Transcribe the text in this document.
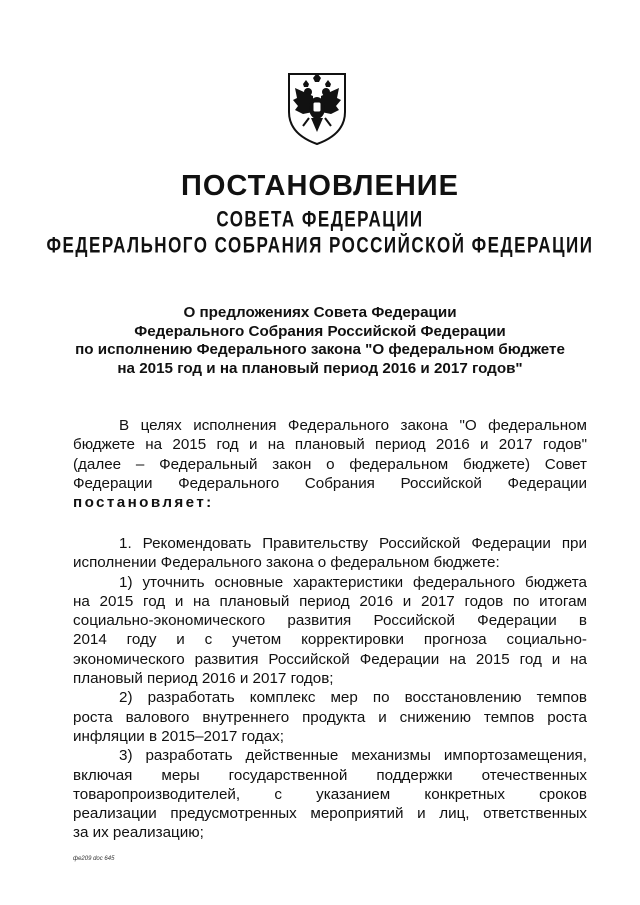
ПОСТАНОВЛЕНИЕ
СОВЕТА ФЕДЕРАЦИИ
ФЕДЕРАЛЬНОГО СОБРАНИЯ РОССИЙСКОЙ ФЕДЕРАЦИИ
О предложениях Совета Федерации
Федерального Собрания Российской Федерации
по исполнению Федерального закона "О федеральном бюджете
на 2015 год и на плановый период 2016 и 2017 годов"
В целях исполнения Федерального закона "О федеральном
бюджете на 2015 год и на плановый период 2016 и 2017 годов"
(далее – Федеральный закон о федеральном бюджете) Совет
Федерации Федерального Собрания Российской Федерации
постановляет:
1. Рекомендовать Правительству Российской Федерации при
исполнении Федерального закона о федеральном бюджете:
1) уточнить основные характеристики федерального бюджета
на 2015 год и на плановый период 2016 и 2017 годов по итогам
социально-экономического развития Российской Федерации в
2014 году и с учетом корректировки прогноза социально-
экономического развития Российской Федерации на 2015 год и на
плановый период 2016 и 2017 годов;
2) разработать комплекс мер по восстановлению темпов
роста валового внутреннего продукта и снижению темпов роста
инфляции в 2015–2017 годах;
3) разработать действенные механизмы импортозамещения,
включая меры государственной поддержки отечественных
товаропроизводителей, с указанием конкретных сроков
реализации предусмотренных мероприятий и лиц, ответственных
за их реализацию;
фе209 doc 645
